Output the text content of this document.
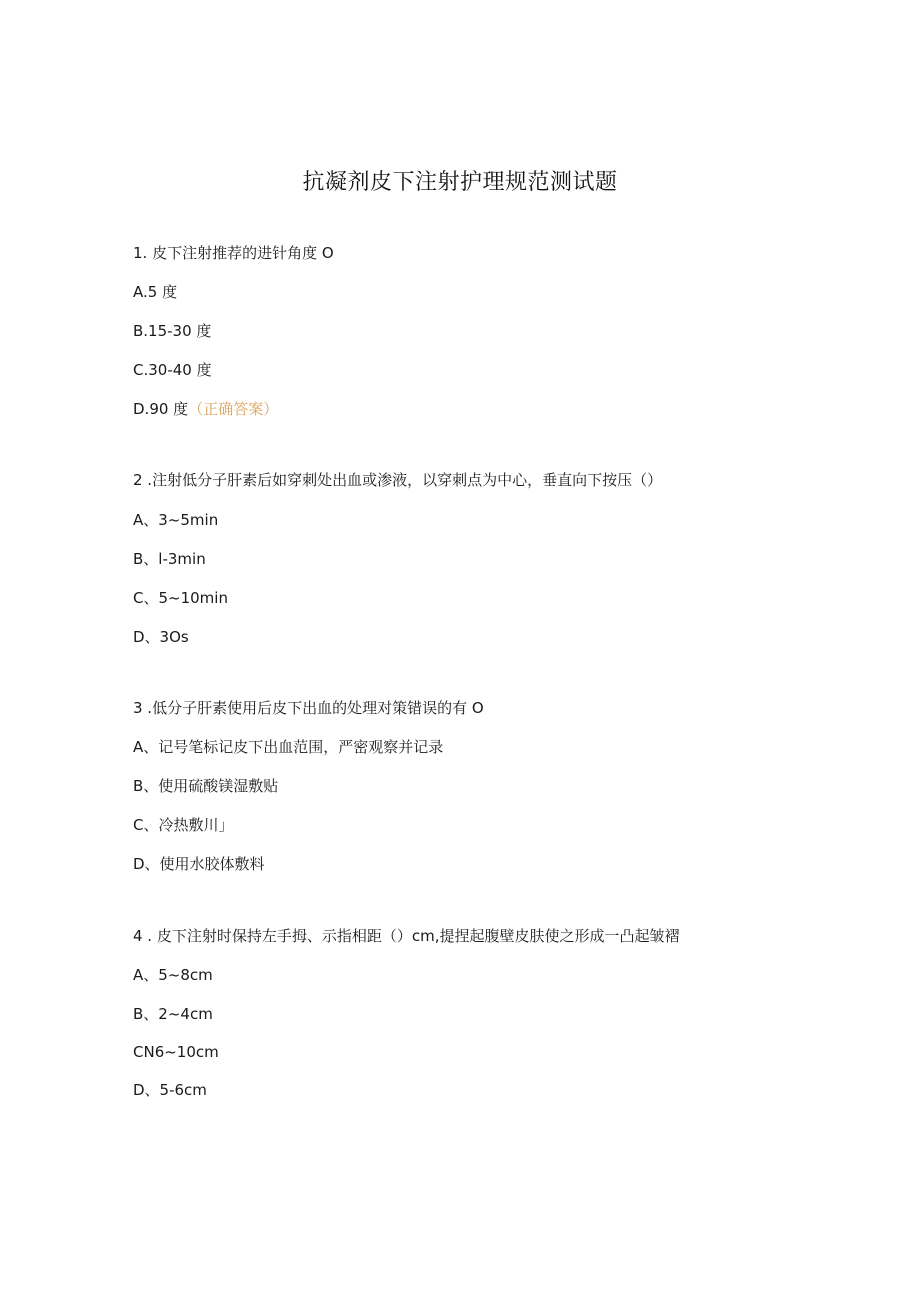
抗凝剂皮下注射护理规范测试题
1. 皮下注射推荐的进针角度 O
A.5 度
B.15-30 度
C.30-40 度
D.90 度（正确答案）
2 .注射低分子肝素后如穿刺处出血或渗液，以穿刺点为中心，垂直向下按压（）
A、3~5min
B、l-3min
C、5~10min
D、3Os
3 .低分子肝素使用后皮下出血的处理对策错误的有 O
A、记号笔标记皮下出血范围，严密观察并记录
B、使用硫酸镁湿敷贴
C、冷热敷川」
D、使用水胶体敷料
4 . 皮下注射时保持左手拇、示指相距（）cm,提捏起腹壁皮肤使之形成一凸起皱褶
A、5~8cm
B、2~4cm
CN6~10cm
D、5-6cm
